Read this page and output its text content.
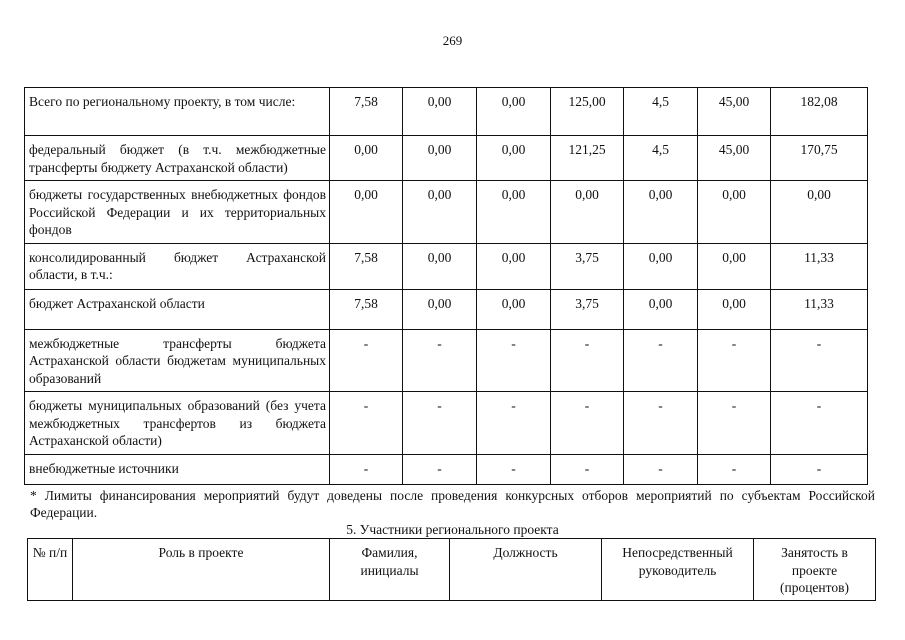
269
Всего по региональному проекту, в том числе:	7,58	0,00	0,00	125,00	4,5	45,00	182,08
федеральный бюджет (в т.ч. межбюджетные трансферты бюджету Астраханской области)	0,00	0,00	0,00	121,25	4,5	45,00	170,75
бюджеты государственных внебюджетных фондов Российской Федерации и их территориальных фондов	0,00	0,00	0,00	0,00	0,00	0,00	0,00
консолидированный бюджет Астраханской области, в т.ч.:	7,58	0,00	0,00	3,75	0,00	0,00	11,33
бюджет Астраханской области	7,58	0,00	0,00	3,75	0,00	0,00	11,33
межбюджетные трансферты бюджета Астраханской области бюджетам муниципальных образований	-	-	-	-	-	-	-
бюджеты муниципальных образований (без учета межбюджетных трансфертов из бюджета Астраханской области)	-	-	-	-	-	-	-
внебюджетные источники	-	-	-	-	-	-	-
* Лимиты финансирования мероприятий будут доведены после проведения конкурсных отборов мероприятий по субъектам Российской Федерации.
5. Участники регионального проекта
№ п/п	Роль в проекте	Фамилия, инициалы	Должность	Непосредственный руководитель	Занятость в проекте (процентов)
